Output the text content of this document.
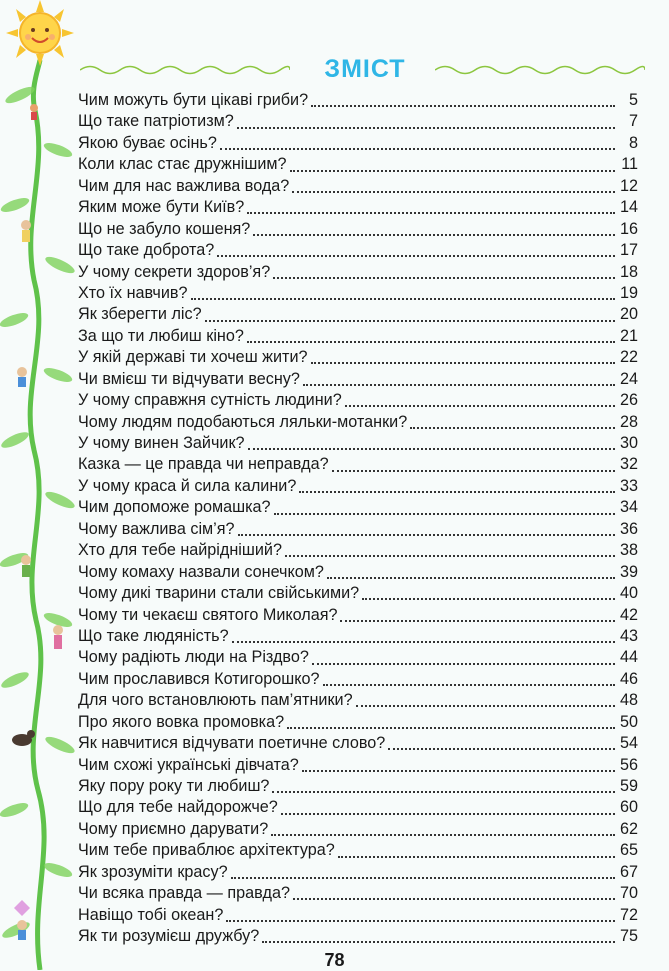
ЗМІСТ
Чим можуть бути цікаві гриби?	5
Що таке патріотизм?	7
Якою буває осінь?	8
Коли клас стає дружнішим?	11
Чим для нас важлива вода?	12
Яким може бути Київ?	14
Що не забуло кошеня?	16
Що таке доброта?	17
У чому секрети здоров’я?	18
Хто їх навчив?	19
Як зберегти ліс?	20
За що ти любиш кіно?	21
У якій державі ти хочеш жити?	22
Чи вмієш ти відчувати весну?	24
У чому справжня сутність людини?	26
Чому людям подобаються ляльки-мотанки?	28
У чому винен Зайчик?	30
Казка — це правда чи неправда?	32
У чому краса й сила калини?	33
Чим допоможе ромашка?	34
Чому важлива сім’я?	36
Хто для тебе найрідніший?	38
Чому комаху назвали сонечком?	39
Чому дикі тварини стали свійськими?	40
Чому ти чекаєш святого Миколая?	42
Що таке людяність?	43
Чому радіють люди на Різдво?	44
Чим прославився Котигорошко?	46
Для чого встановлюють пам’ятники?	48
Про якого вовка промовка?	50
Як навчитися відчувати поетичне слово?	54
Чим схожі українські дівчата?	56
Яку пору року ти любиш?	59
Що для тебе найдорожче?	60
Чому приємно дарувати?	62
Чим тебе приваблює архітектура?	65
Як зрозуміти красу?	67
Чи всяка правда — правда?	70
Навіщо тобі океан?	72
Як ти розумієш дружбу?	75
78
